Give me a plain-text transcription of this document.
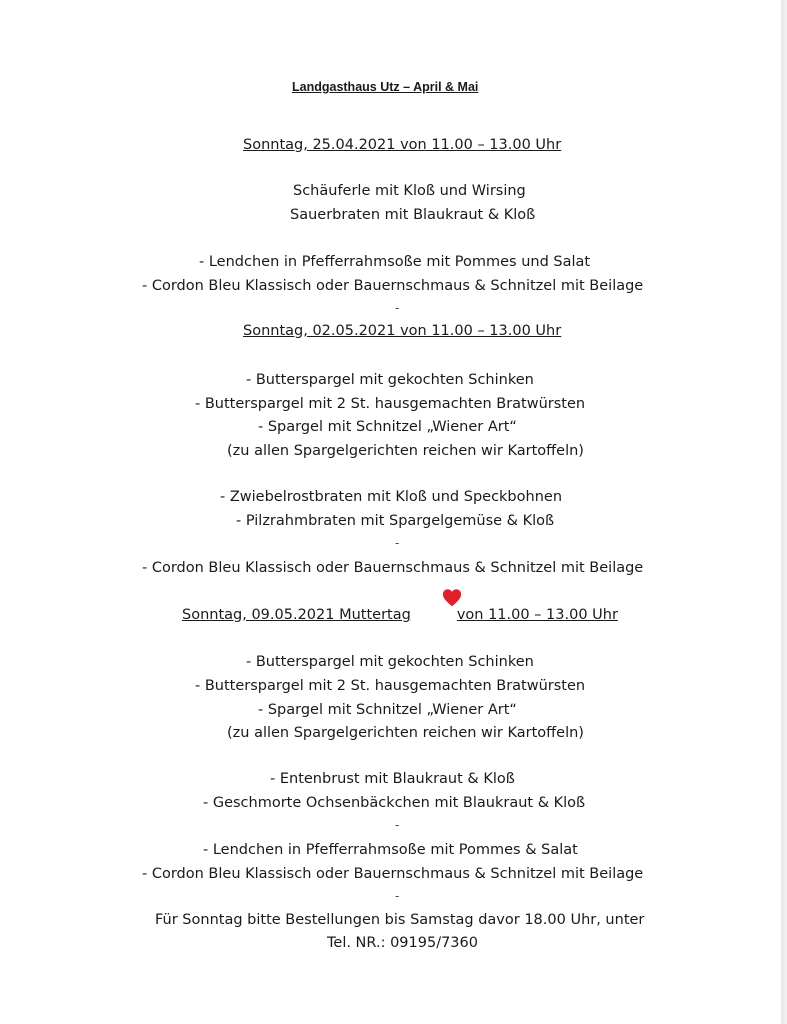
Landgasthaus Utz – April & Mai
Sonntag, 25.04.2021 von 11.00 – 13.00 Uhr
Schäuferle mit Kloß und Wirsing
Sauerbraten mit Blaukraut & Kloß
- Lendchen in Pfefferrahmsoße mit Pommes und Salat
- Cordon Bleu Klassisch oder Bauernschmaus & Schnitzel mit Beilage
-
Sonntag, 02.05.2021 von 11.00 – 13.00 Uhr
- Butterspargel mit gekochten Schinken
- Butterspargel mit 2 St. hausgemachten Bratwürsten
- Spargel mit Schnitzel „Wiener Art“
(zu allen Spargelgerichten reichen wir Kartoffeln)
- Zwiebelrostbraten mit Kloß und Speckbohnen
- Pilzrahmbraten mit Spargelgemüse & Kloß
-
- Cordon Bleu Klassisch oder Bauernschmaus & Schnitzel mit Beilage
Sonntag, 09.05.2021 Muttertag	von 11.00 – 13.00 Uhr
- Butterspargel mit gekochten Schinken
- Butterspargel mit 2 St. hausgemachten Bratwürsten
- Spargel mit Schnitzel „Wiener Art“
(zu allen Spargelgerichten reichen wir Kartoffeln)
- Entenbrust mit Blaukraut & Kloß
- Geschmorte Ochsenbäckchen mit Blaukraut & Kloß
-
- Lendchen in Pfefferrahmsoße mit Pommes & Salat
- Cordon Bleu Klassisch oder Bauernschmaus & Schnitzel mit Beilage
-
Für Sonntag bitte Bestellungen bis Samstag davor 18.00 Uhr, unter
Tel. NR.: 09195/7360
